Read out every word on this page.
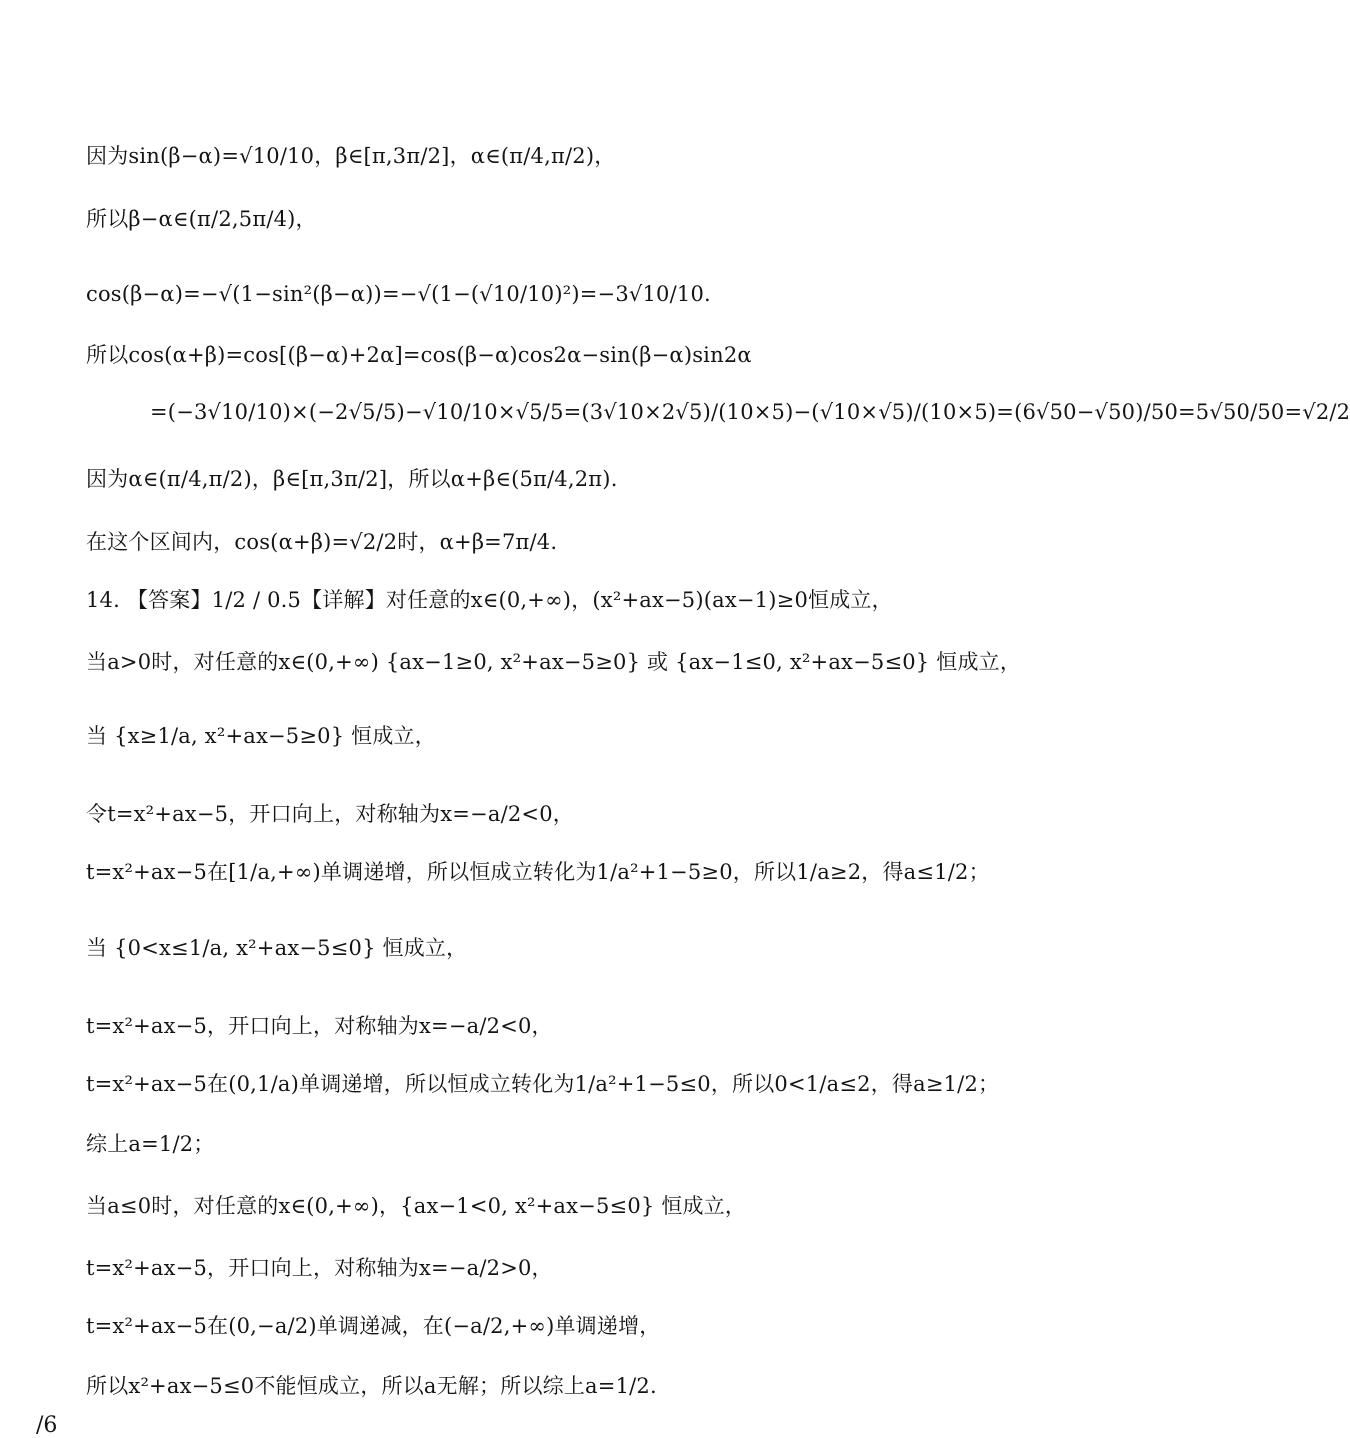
因为sin(β−α)=√10/10，β∈[π,3π/2]，α∈(π/4,π/2)，
所以β−α∈(π/2,5π/4)，
cos(β−α)=−√(1−sin²(β−α))=−√(1−(√10/10)²)=−3√10/10.
所以cos(α+β)=cos[(β−α)+2α]=cos(β−α)cos2α−sin(β−α)sin2α
=(−3√10/10)×(−2√5/5)−√10/10×√5/5=(3√10×2√5)/(10×5)−(√10×√5)/(10×5)=(6√50−√50)/50=5√50/50=√2/2
因为α∈(π/4,π/2)，β∈[π,3π/2]，所以α+β∈(5π/4,2π).
在这个区间内，cos(α+β)=√2/2时，α+β=7π/4.
14. 【答案】1/2 / 0.5【详解】对任意的x∈(0,+∞)，(x²+ax−5)(ax−1)≥0恒成立，
当a>0时，对任意的x∈(0,+∞) {ax−1≥0, x²+ax−5≥0} 或 {ax−1≤0, x²+ax−5≤0} 恒成立，
当 {x≥1/a, x²+ax−5≥0} 恒成立，
令t=x²+ax−5，开口向上，对称轴为x=−a/2<0，
t=x²+ax−5在[1/a,+∞)单调递增，所以恒成立转化为1/a²+1−5≥0，所以1/a≥2，得a≤1/2；
当 {0<x≤1/a, x²+ax−5≤0} 恒成立，
t=x²+ax−5，开口向上，对称轴为x=−a/2<0，
t=x²+ax−5在(0,1/a)单调递增，所以恒成立转化为1/a²+1−5≤0，所以0<1/a≤2，得a≥1/2；
综上a=1/2；
当a≤0时，对任意的x∈(0,+∞)，{ax−1<0, x²+ax−5≤0} 恒成立，
t=x²+ax−5，开口向上，对称轴为x=−a/2>0，
t=x²+ax−5在(0,−a/2)单调递减，在(−a/2,+∞)单调递增，
所以x²+ax−5≤0不能恒成立，所以a无解；所以综上a=1/2.
/6
